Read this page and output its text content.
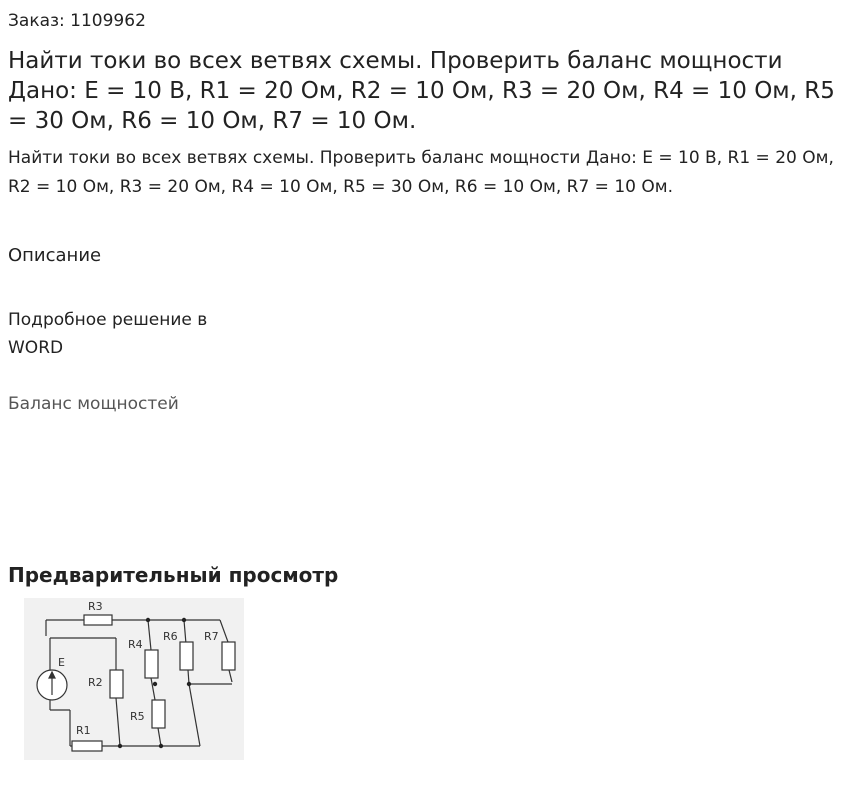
Заказ: 1109962
Найти токи во всех ветвях схемы. Проверить баланс мощности Дано: E = 10 В, R1 = 20 Ом, R2 = 10 Ом, R3 = 20 Ом, R4 = 10 Ом, R5 = 30 Ом, R6 = 10 Ом, R7 = 10 Ом.
Найти токи во всех ветвях схемы. Проверить баланс мощности Дано: E = 10 В, R1 = 20 Ом, R2 = 10 Ом, R3 = 20 Ом, R4 = 10 Ом, R5 = 30 Ом, R6 = 10 Ом, R7 = 10 Ом.
Описание
Подробное решение в WORD
Баланс мощностей
Предварительный просмотр
R3
R4
R6 R7
E
R2
R5
R1
